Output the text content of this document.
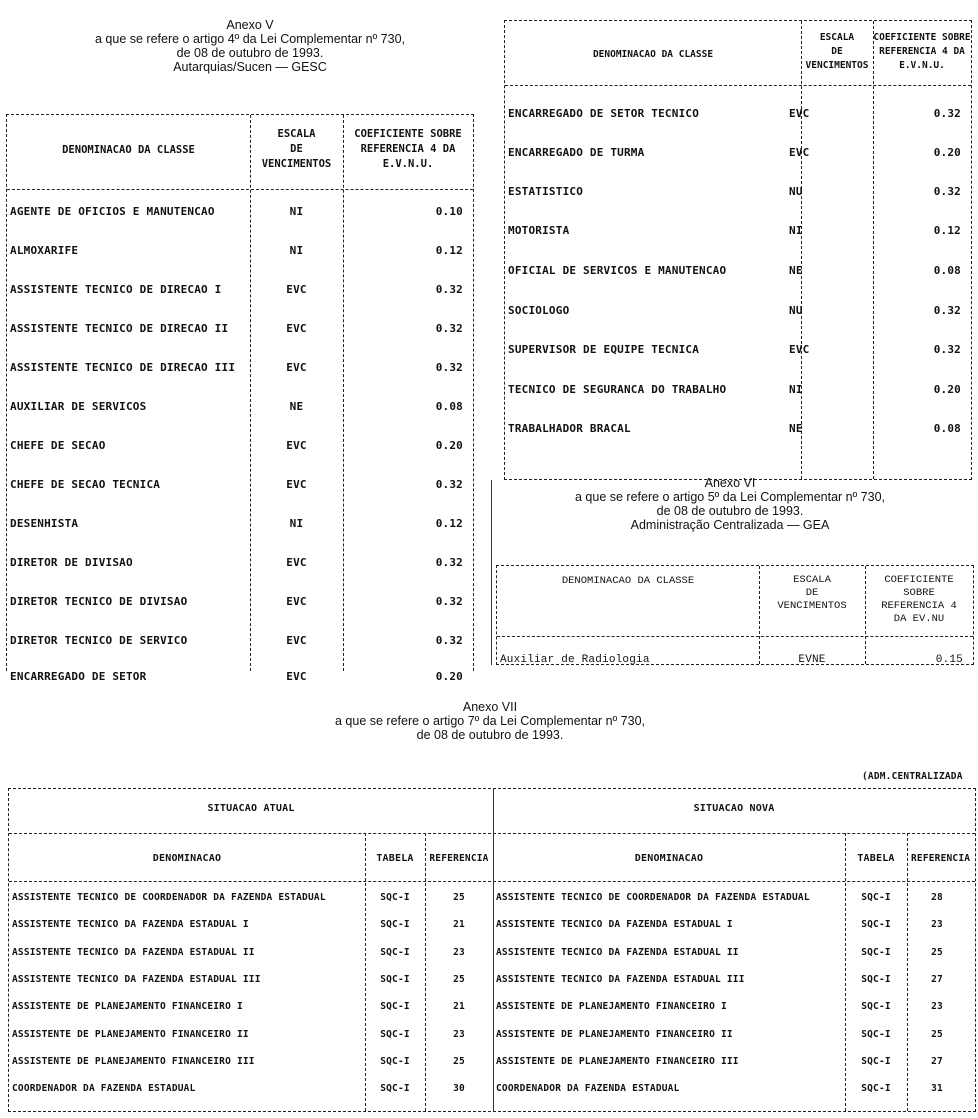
Anexo V
a que se refere o artigo 4º da Lei Complementar nº 730,
de 08 de outubro de 1993.
Autarquias/Sucen — GESC
DENOMINACAO DA CLASSE
ESCALA
DE
VENCIMENTOS
COEFICIENTE SOBRE
REFERENCIA 4 DA
E.V.N.U.
AGENTE DE OFICIOS E MANUTENCAO	NI	0.10
ALMOXARIFE	NI	0.12
ASSISTENTE TECNICO DE DIRECAO I	EVC	0.32
ASSISTENTE TECNICO DE DIRECAO II	EVC	0.32
ASSISTENTE TECNICO DE DIRECAO III	EVC	0.32
AUXILIAR DE SERVICOS	NE	0.08
CHEFE DE SECAO	EVC	0.20
CHEFE DE SECAO TECNICA	EVC	0.32
DESENHISTA	NI	0.12
DIRETOR DE DIVISAO	EVC	0.32
DIRETOR TECNICO DE DIVISAO	EVC	0.32
DIRETOR TECNICO DE SERVICO	EVC	0.32
ENCARREGADO DE SETOR	EVC	0.20
DENOMINACAO DA CLASSE
ESCALA
DE
VENCIMENTOS
COEFICIENTE SOBRE
REFERENCIA 4 DA
E.V.N.U.
ENCARREGADO DE SETOR TECNICO	EVC	0.32
ENCARREGADO DE TURMA	EVC	0.20
ESTATISTICO	NU	0.32
MOTORISTA	NI	0.12
OFICIAL DE SERVICOS E MANUTENCAO	NE	0.08
SOCIOLOGO	NU	0.32
SUPERVISOR DE EQUIPE TECNICA	EVC	0.32
TECNICO DE SEGURANCA DO TRABALHO	NI	0.20
TRABALHADOR BRACAL	NE	0.08
Anexo VI
a que se refere o artigo 5º da Lei Complementar nº 730,
de 08 de outubro de 1993.
Administração Centralizada — GEA
DENOMINACAO DA CLASSE	ESCALA
DE
VENCIMENTOS
COEFICIENTE
SOBRE
REFERENCIA 4
DA EV.NU
Auxiliar de Radiologia	EVNE	0.15
Anexo VII
a que se refere o artigo 7º da Lei Complementar nº 730,
de 08 de outubro de 1993.
(ADM.CENTRALIZADA
SITUACAO ATUAL	SITUACAO NOVA
DENOMINACAO	TABELA	REFERENCIA	DENOMINACAO	TABELA	REFERENCIA
ASSISTENTE TECNICO DE COORDENADOR DA FAZENDA ESTADUAL	SQC-I	25	ASSISTENTE TECNICO DE COORDENADOR DA FAZENDA ESTADUAL	SQC-I	28
ASSISTENTE TECNICO DA FAZENDA ESTADUAL I	SQC-I	21	ASSISTENTE TECNICO DA FAZENDA ESTADUAL I	SQC-I	23
ASSISTENTE TECNICO DA FAZENDA ESTADUAL II	SQC-I	23	ASSISTENTE TECNICO DA FAZENDA ESTADUAL II	SQC-I	25
ASSISTENTE TECNICO DA FAZENDA ESTADUAL III	SQC-I	25	ASSISTENTE TECNICO DA FAZENDA ESTADUAL III	SQC-I	27
ASSISTENTE DE PLANEJAMENTO FINANCEIRO I	SQC-I	21	ASSISTENTE DE PLANEJAMENTO FINANCEIRO I	SQC-I	23
ASSISTENTE DE PLANEJAMENTO FINANCEIRO II	SQC-I	23	ASSISTENTE DE PLANEJAMENTO FINANCEIRO II	SQC-I	25
ASSISTENTE DE PLANEJAMENTO FINANCEIRO III	SQC-I	25	ASSISTENTE DE PLANEJAMENTO FINANCEIRO III	SQC-I	27
COORDENADOR DA FAZENDA ESTADUAL	SQC-I	30	COORDENADOR DA FAZENDA ESTADUAL	SQC-I	31
